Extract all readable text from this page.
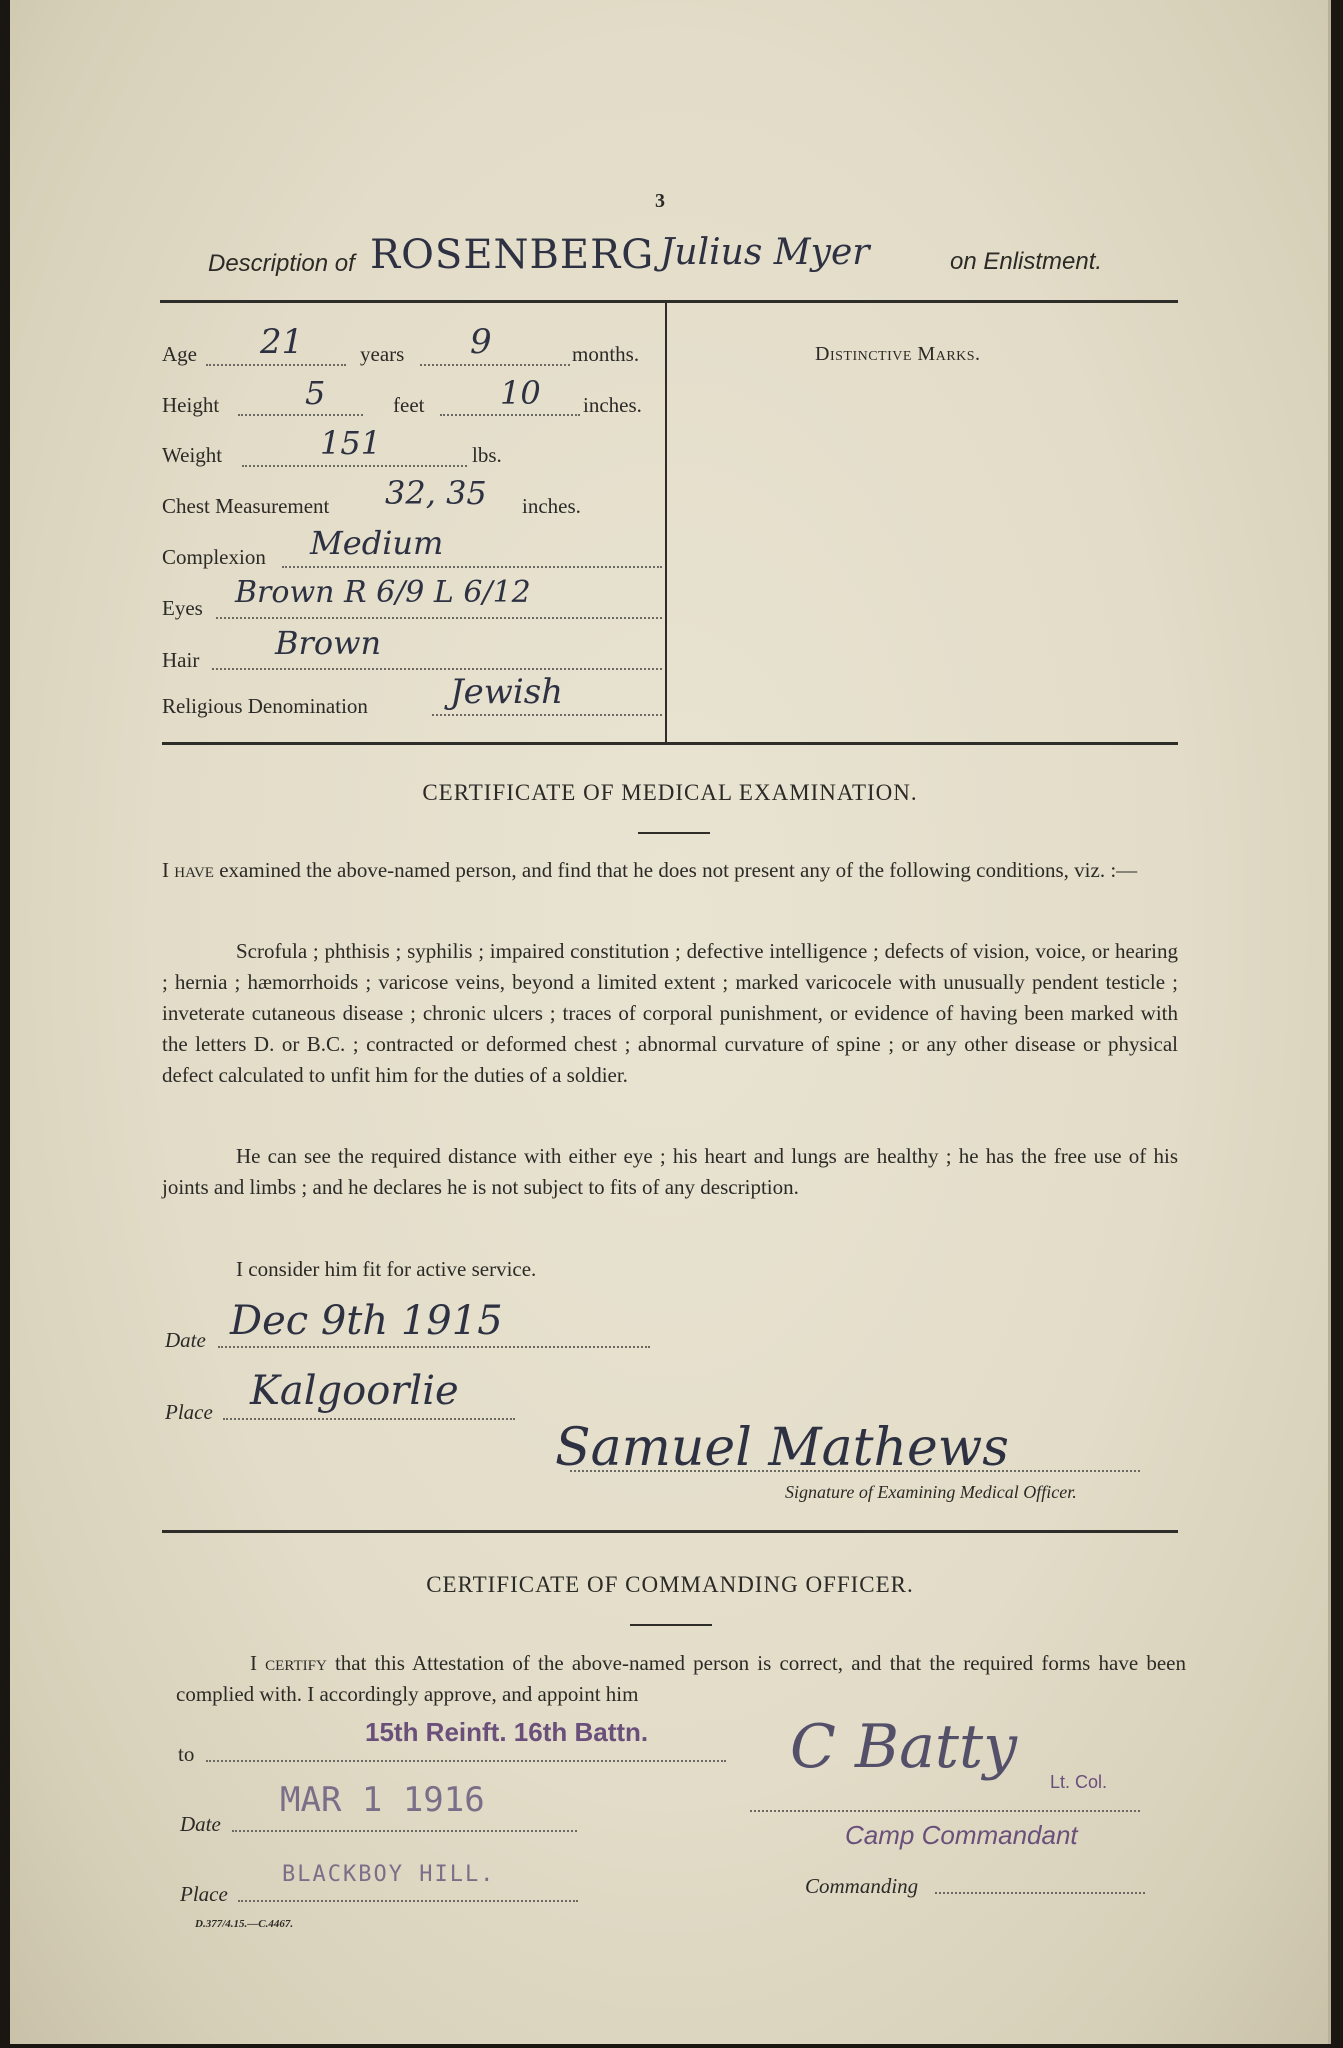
3
Description of ROSENBERG Julius Myer	on Enlistment.
Age 21	years 9	months.
Height	5	feet 10 inches.
Weight	151	lbs.
Chest Measurement 32, 35 inches.
Complexion Medium
Eyes Brown R 6/9 L 6/12
Hair Brown
Religious Denomination Jewish
Distinctive Marks.
CERTIFICATE OF MEDICAL EXAMINATION.
I have examined the above-named person, and find that he does not present any of the following conditions, viz. :—
Scrofula ; phthisis ; syphilis ; impaired constitution ; defective intelligence ; defects of vision, voice, or hearing ; hernia ; hæmorrhoids ; varicose veins, beyond a limited extent ; marked varicocele with unusually pendent testicle ; inveterate cutaneous disease ; chronic ulcers ; traces of corporal punishment, or evidence of having been marked with the letters D. or B.C. ; contracted or deformed chest ; abnormal curvature of spine ; or any other disease or physical defect calculated to unfit him for the duties of a soldier.
He can see the required distance with either eye ; his heart and lungs are healthy ; he has the free use of his joints and limbs ; and he declares he is not subject to fits of any description.
I consider him fit for active service.
Date Dec 9th 1915
Place Kalgoorlie
Samuel Mathews
Signature of Examining Medical Officer.
CERTIFICATE OF COMMANDING OFFICER.
I certify that this Attestation of the above-named person is correct, and that the required forms have been complied with. I accordingly approve, and appoint him
to
15th Reinft. 16th Battn.
Date
MAR 1 1916
Place
BLACKBOY HILL.
C Batty Lt. Col.
Camp Commandant
Commanding
D.377/4.15.—C.4467.
